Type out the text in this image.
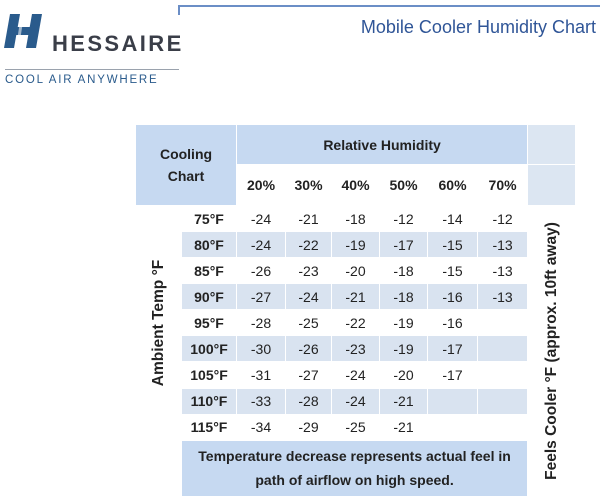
HESSAIRE
COOL AIR ANYWHERE
Mobile Cooler Humidity Chart
Cooling
Chart		Relative Humidity						
		20%	30%	40%	50%	60%	70%	

Ambient Temp °F	75°F	-24	-21	-18	-12	-14	-12	Feels Cooler °F (approx. 10ft away)

	80°F	-24	-22	-19	-17	-15	-13	
	85°F	-26	-23	-20	-18	-15	-13	
	90°F	-27	-24	-21	-18	-16	-13	
	95°F	-28	-25	-22	-19	-16		
	100°F	-30	-26	-23	-19	-17		
	105°F	-31	-27	-24	-20	-17		
	110°F	-33	-28	-24	-21			
	115°F	-34	-29	-25	-21			
	Temperature decrease represents actual feel in path of airflow on high speed.							
